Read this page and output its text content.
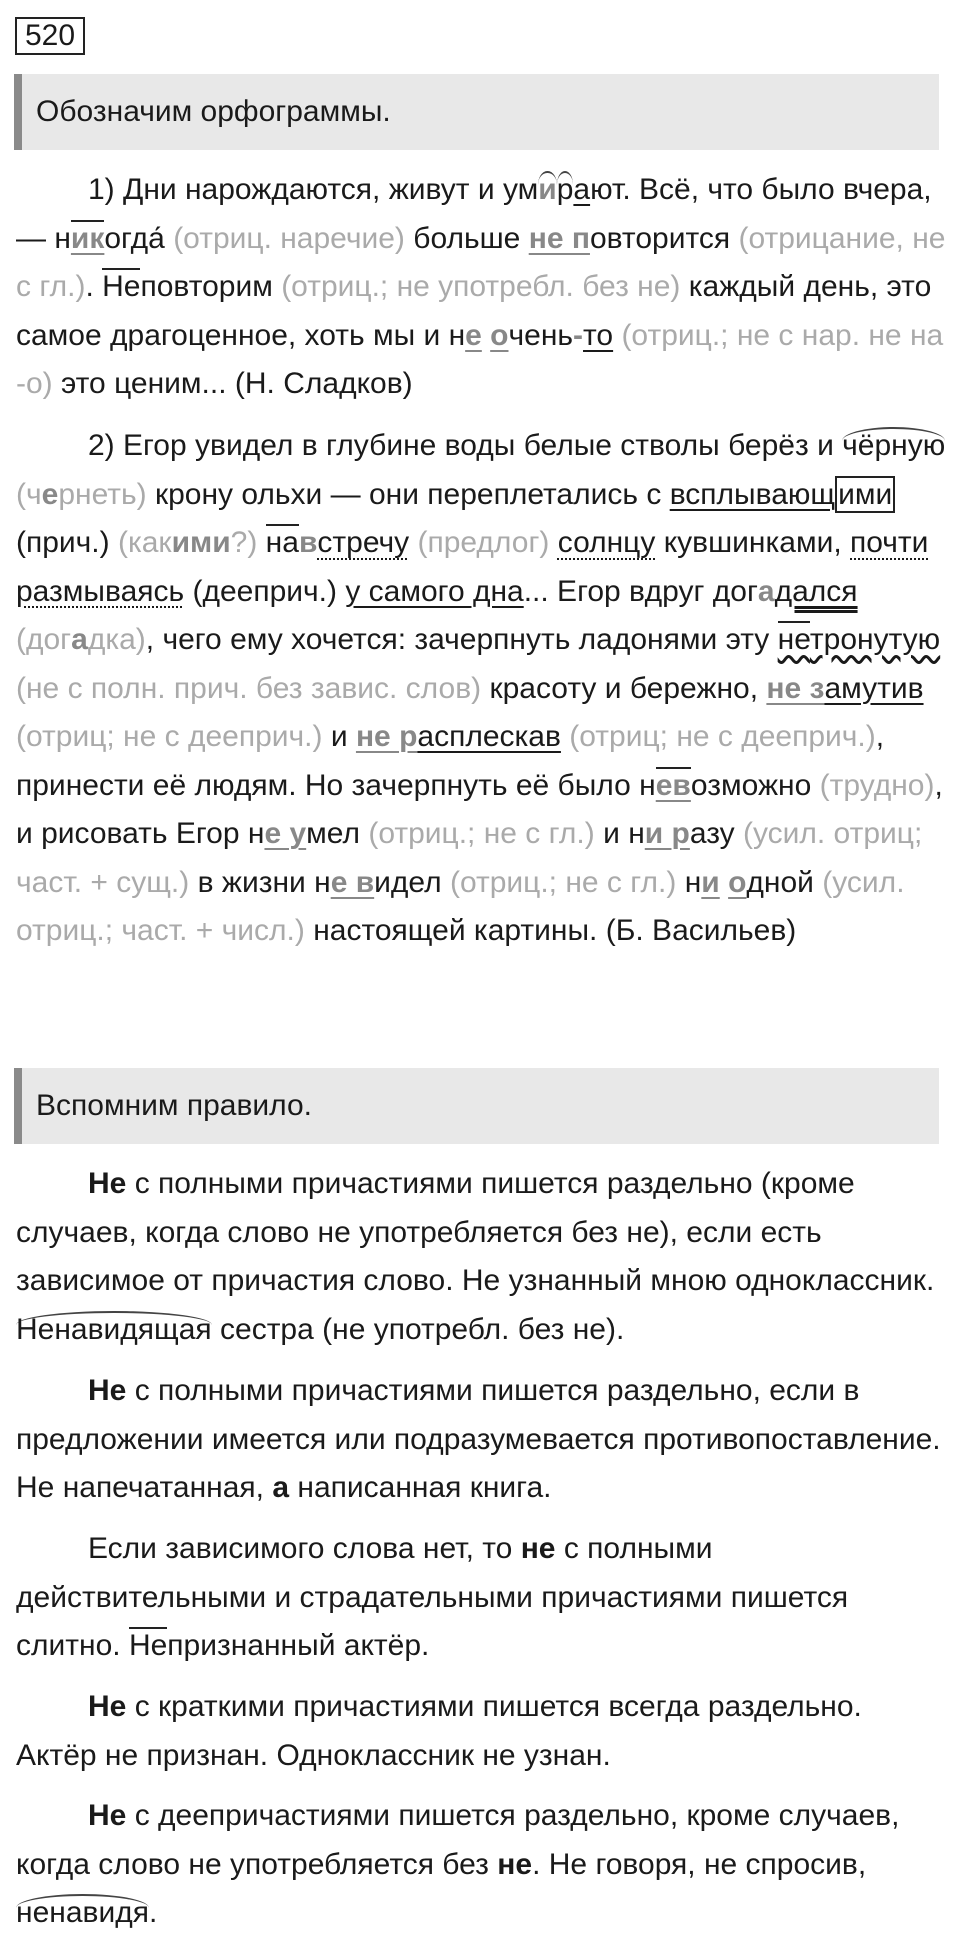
520
Обозначим орфограммы.
1) Дни нарождаются, живут и умирают. Всё, что было вчера, — никогда́ (отриц. наречие) больше не повторится (отрицание, не с гл.). Неповторим (отриц.; не употребл. без не) каждый день, это самое драгоценное, хоть мы и не очень-то (отриц.; не с нар. не на -о) это ценим... (Н. Сладков)
2) Егор увидел в глубине воды белые стволы берёз и чёрную (чернеть) крону ольхи — они переплетались с всплывающ ими (прич.) (какими?) навстречу (предлог) солнцу кувшинками, почти размываясь (дееприч.) у самого дна... Егор вдруг догадался (догадка), чего ему хочется: зачерпнуть ладонями эту нетронутую (не с полн. прич. без завис. слов) красоту и бережно, не замутив (отриц; не с дееприч.) и не расплескав (отриц; не с дееприч.), принести её людям. Но зачерпнуть её было невозможно (трудно), и рисовать Егор не умел (отриц.; не с гл.) и ни разу (усил. отриц; част. + сущ.) в жизни не видел (отриц.; не с гл.) ни одной (усил. отриц.; част. + числ.) настоящей картины. (Б. Васильев)
Вспомним правило.
Не с полными причастиями пишется раздельно (кроме случаев, когда слово не употребляется без не), если есть зависимое от причастия слово. Не узнанный мною одноклассник. Ненавидящая сестра (не употребл. без не).
Не с полными причастиями пишется раздельно, если в предложении имеется или подразумевается противопоставление. Не напечатанная, а написанная книга.
Если зависимого слова нет, то не с полными действительными и страдательными причастиями пишется слитно. Непризнанный актёр.
Не с краткими причастиями пишется всегда раздельно. Актёр не признан. Одноклассник не узнан.
Не с деепричастиями пишется раздельно, кроме случаев, когда слово не употребляется без не. Не говоря, не спросив, ненавидя.
